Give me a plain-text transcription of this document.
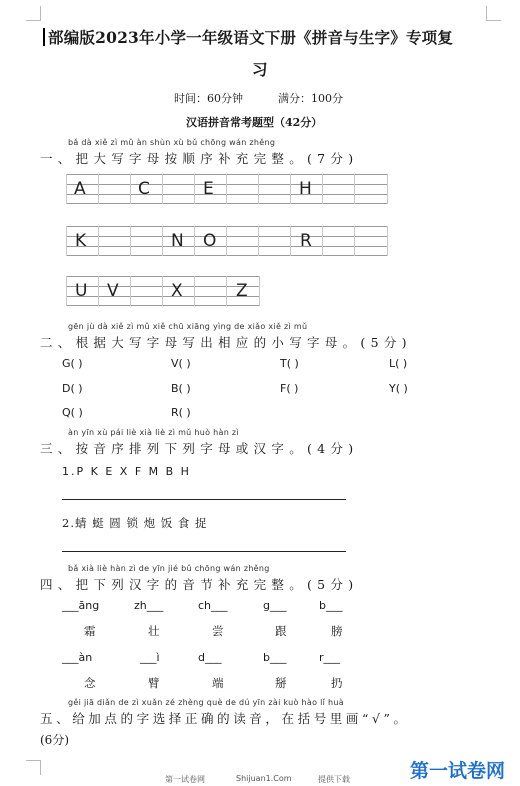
部编版2023年小学一年级语文下册《拼音与生字》专项复
习
时间：60分钟	满分：100分
汉语拼音常考题型（42分）
bǎ dà xiě zì mǔ àn shùn xù bǔ chōng wán zhěng
一、把大写字母按顺序补充完整。(7分)
A	C	E	H
K	N O	R
U V	X	Z
gēn jù dà xiě zì mǔ xiě chū xiāng yìng de xiǎo xiě zì mǔ
二、根据大写字母写出相应的小写字母。(5分)
G( )	V( )	T( )	L( )
D( )	B( )	F( )	Y( )
Q( )	R( )
àn yīn xù pái liè xià liè zì mǔ huò hàn zì
三、按音序排列下列字母或汉字。(4分)
1.P K E X F M B H
2.蜻 蜓 圆 锁 炮 饭 食 捉
bǎ xià liè hàn zì de yīn jié bǔ chōng wán zhěng
四、把下列汉字的音节补充完整。(5分)
___āng	zh___	ch___	g___	b___
霜	壮	尝	跟	膀
___àn	___ì	d___	b___	r___
念	臂	端	掰	扔
gěi jiā diǎn de zì xuǎn zé zhèng què de dú yīn zài kuò hào lǐ huà
五、给加点的字选择正确的读音，在括号里画“√”。
(6分)
第一试卷网	Shijuan1.Com	提供下载	第一试卷网
